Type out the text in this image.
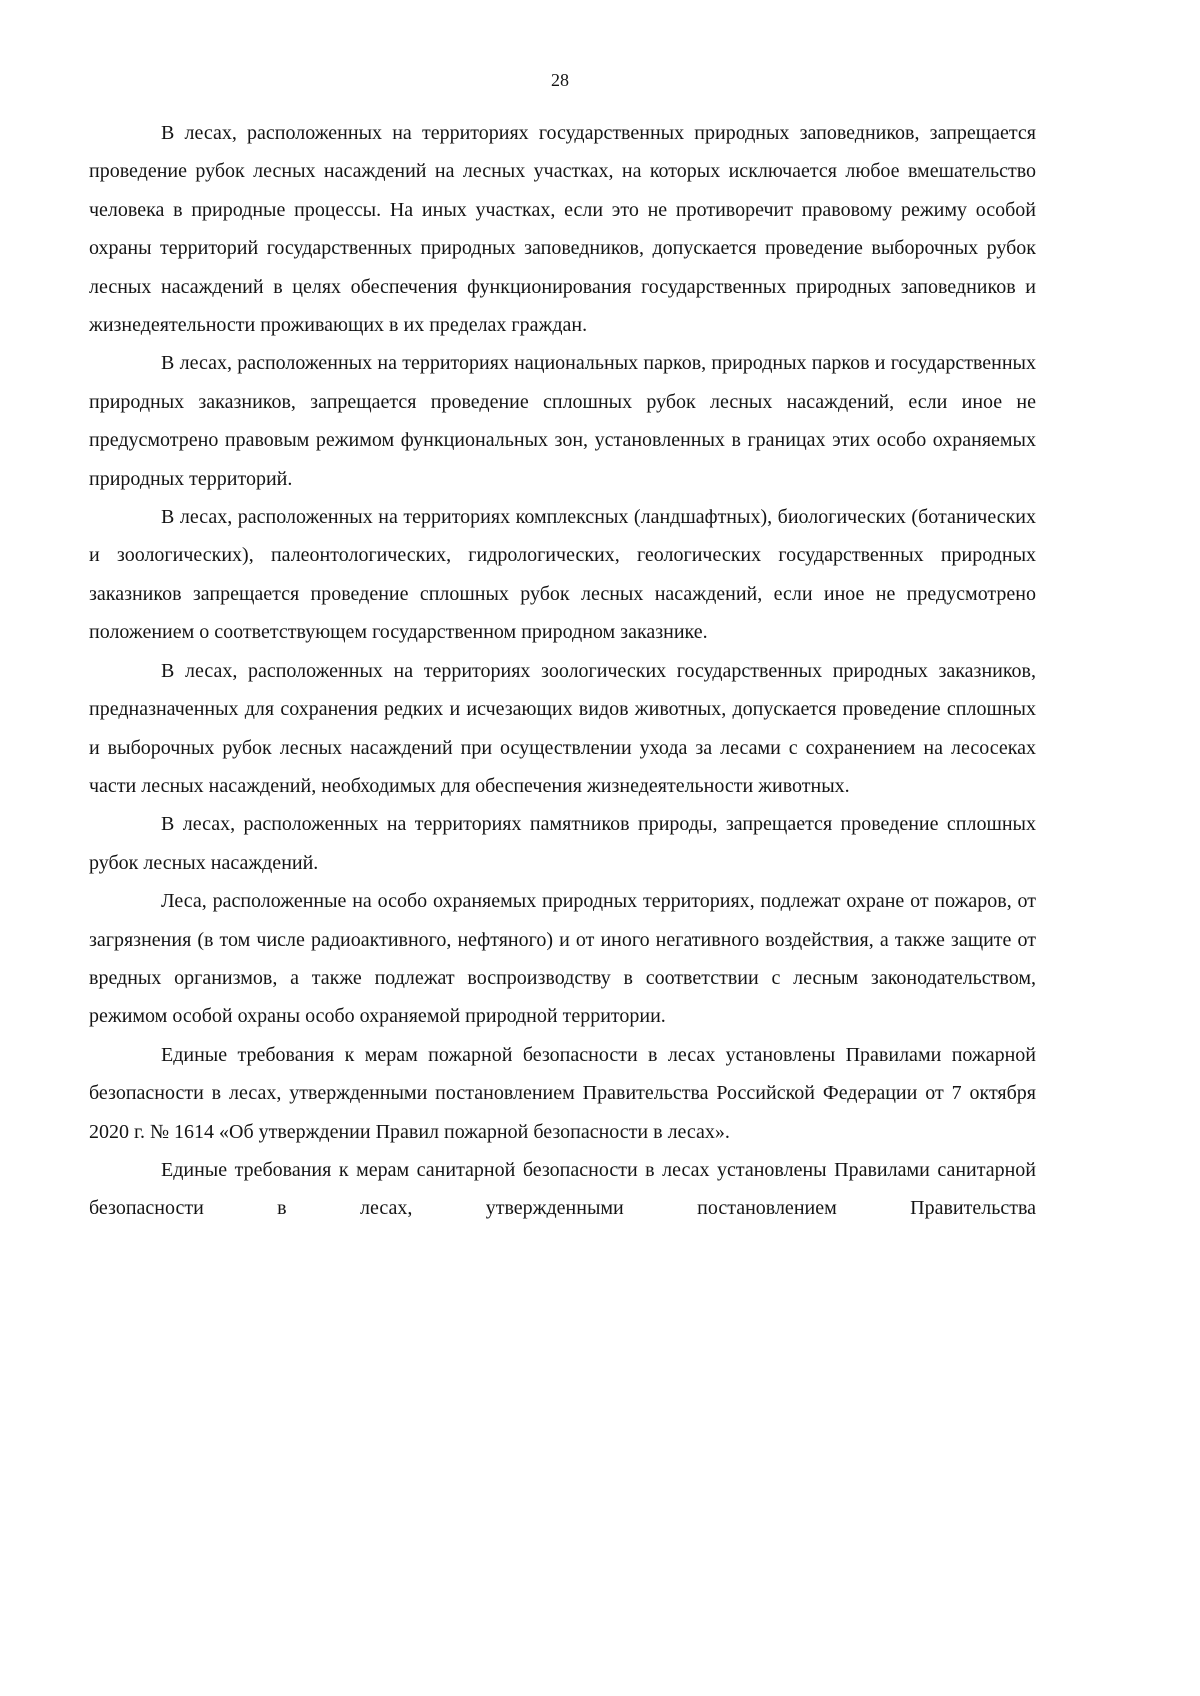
28

В лесах, расположенных на территориях государственных природных заповедников, запрещается проведение рубок лесных насаждений на лесных участках, на которых исключается любое вмешательство человека в природные процессы. На иных участках, если это не противоречит правовому режиму особой охраны территорий государственных природных заповедников, допускается проведение выборочных рубок лесных насаждений в целях обеспечения функционирования государственных природных заповедников и жизнедеятельности проживающих в их пределах граждан.

В лесах, расположенных на территориях национальных парков, природных парков и государственных природных заказников, запрещается проведение сплошных рубок лесных насаждений, если иное не предусмотрено правовым режимом функциональных зон, установленных в границах этих особо охраняемых природных территорий.

В лесах, расположенных на территориях комплексных (ландшафтных), биологических (ботанических и зоологических), палеонтологических, гидрологических, геологических государственных природных заказников запрещается проведение сплошных рубок лесных насаждений, если иное не предусмотрено положением о соответствующем государственном природном заказнике.

В лесах, расположенных на территориях зоологических государственных природных заказников, предназначенных для сохранения редких и исчезающих видов животных, допускается проведение сплошных и выборочных рубок лесных насаждений при осуществлении ухода за лесами с сохранением на лесосеках части лесных насаждений, необходимых для обеспечения жизнедеятельности животных.

В лесах, расположенных на территориях памятников природы, запрещается проведение сплошных рубок лесных насаждений.

Леса, расположенные на особо охраняемых природных территориях, подлежат охране от пожаров, от загрязнения (в том числе радиоактивного, нефтяного) и от иного негативного воздействия, а также защите от вредных организмов, а также подлежат воспроизводству в соответствии с лесным законодательством, режимом особой охраны особо охраняемой природной территории.

Единые требования к мерам пожарной безопасности в лесах установлены Правилами пожарной безопасности в лесах, утвержденными постановлением Правительства Российской Федерации от 7 октября 2020 г. № 1614 «Об утверждении Правил пожарной безопасности в лесах».

Единые требования к мерам санитарной безопасности в лесах установлены Правилами санитарной безопасности в лесах, утвержденными постановлением Правительства
